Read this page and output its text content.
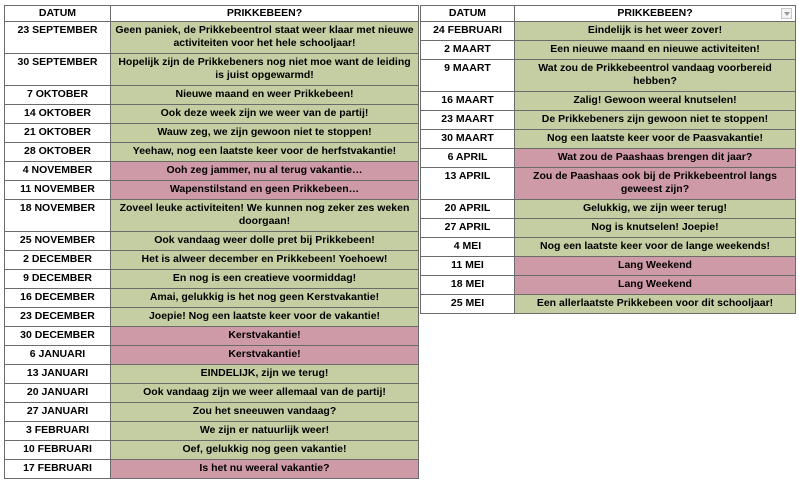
DATUM	PRIKKEBEEN?
23 SEPTEMBER	Geen paniek, de Prikkebeentrol staat weer klaar met nieuwe activiteiten voor het hele schooljaar!
30 SEPTEMBER	Hopelijk zijn de Prikkebeners nog niet moe want de leiding is juist opgewarmd!
7 OKTOBER	Nieuwe maand en weer Prikkebeen!
14 OKTOBER	Ook deze week zijn we weer van de partij!
21 OKTOBER	Wauw zeg, we zijn gewoon niet te stoppen!
28 OKTOBER	Yeehaw, nog een laatste keer voor de herfstvakantie!
4 NOVEMBER	Ooh zeg jammer, nu al terug vakantie…
11 NOVEMBER	Wapenstilstand en geen Prikkebeen…
18 NOVEMBER	Zoveel leuke activiteiten! We kunnen nog zeker zes weken doorgaan!
25 NOVEMBER	Ook vandaag weer dolle pret bij Prikkebeen!
2 DECEMBER	Het is alweer december en Prikkebeen! Yoehoew!
9 DECEMBER	En nog is een creatieve voormiddag!
16 DECEMBER	Amai, gelukkig is het nog geen Kerstvakantie!
23 DECEMBER	Joepie! Nog een laatste keer voor de vakantie!
30 DECEMBER	Kerstvakantie!
6 JANUARI	Kerstvakantie!
13 JANUARI	EINDELIJK, zijn we terug!
20 JANUARI	Ook vandaag zijn we weer allemaal van de partij!
27 JANUARI	Zou het sneeuwen vandaag?
3 FEBRUARI	We zijn er natuurlijk weer!
10 FEBRUARI	Oef, gelukkig nog geen vakantie!
17 FEBRUARI	Is het nu weeral vakantie?
DATUM	PRIKKEBEEN?

24 FEBRUARI	Eindelijk is het weer zover!
2 MAART	Een nieuwe maand en nieuwe activiteiten!
9 MAART	Wat zou de Prikkebeentrol vandaag voorbereid hebben?
16 MAART	Zalig! Gewoon weeral knutselen!
23 MAART	De Prikkebeners zijn gewoon niet te stoppen!
30 MAART	Nog een laatste keer voor de Paasvakantie!
6 APRIL	Wat zou de Paashaas brengen dit jaar?
13 APRIL	Zou de Paashaas ook bij de Prikkebeentrol langs geweest zijn?
20 APRIL	Gelukkig, we zijn weer terug!
27 APRIL	Nog is knutselen! Joepie!
4 MEI	Nog een laatste keer voor de lange weekends!
11 MEI	Lang Weekend
18 MEI	Lang Weekend
25 MEI	Een allerlaatste Prikkebeen voor dit schooljaar!
